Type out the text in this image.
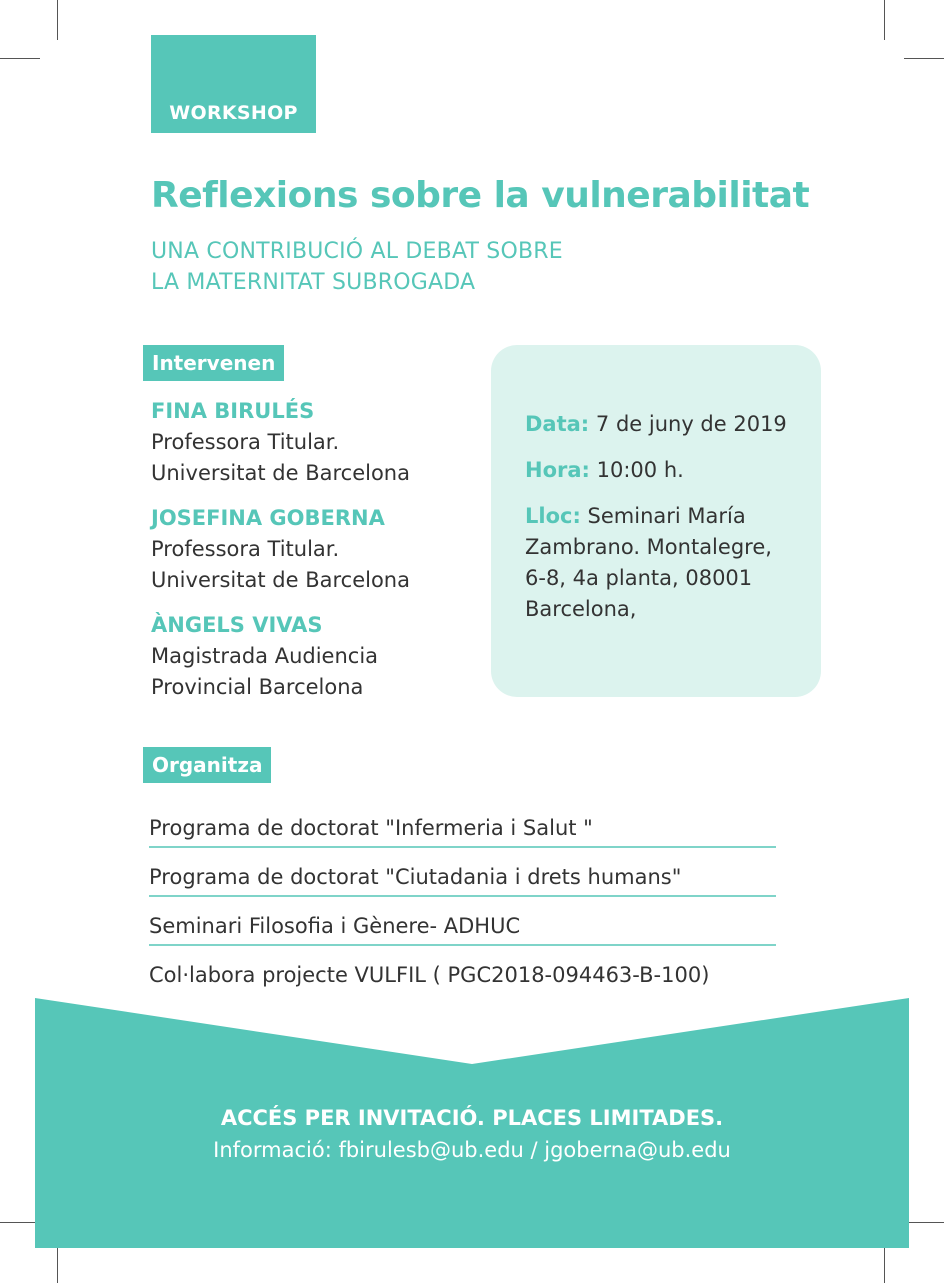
WORKSHOP
Reflexions sobre la vulnerabilitat
UNA CONTRIBUCIÓ AL DEBAT SOBRE
LA MATERNITAT SUBROGADA
Intervenen
FINA BIRULÉS
Professora Titular.
Universitat de Barcelona
JOSEFINA GOBERNA
Professora Titular.
Universitat de Barcelona
ÀNGELS VIVAS
Magistrada Audiencia
Provincial Barcelona
Data: 7 de juny de 2019
Hora: 10:00 h.
Lloc: Seminari María
Zambrano. Montalegre,
6-8, 4a planta, 08001
Barcelona,
Organitza
Programa de doctorat "Infermeria i Salut "
Programa de doctorat "Ciutadania i drets humans"
Seminari Filosofia i Gènere- ADHUC
Col·labora projecte VULFIL ( PGC2018-094463-B-100)

ACCÉS PER INVITACIÓ. PLACES LIMITADES.

Informació: fbirulesb@ub.edu / jgoberna@ub.edu
